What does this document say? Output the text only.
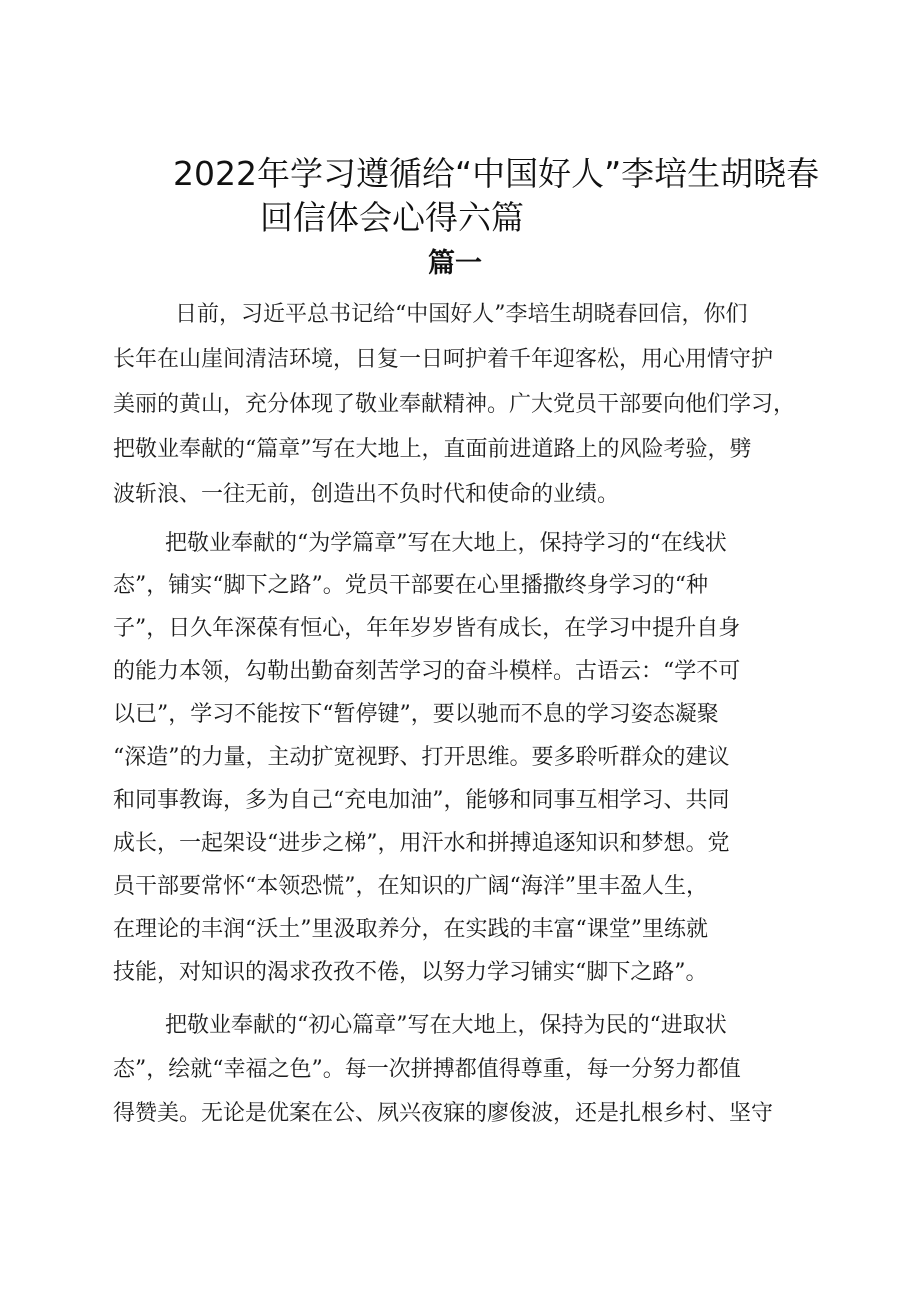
2022年学习遵循给“中国好人”李培生胡晓春
回信体会心得六篇
篇一
日前，习近平总书记给“中国好人”李培生胡晓春回信，你们
长年在山崖间清洁环境，日复一日呵护着千年迎客松，用心用情守护
美丽的黄山，充分体现了敬业奉献精神。广大党员干部要向他们学习，
把敬业奉献的“篇章”写在大地上，直面前进道路上的风险考验，劈
波斩浪、一往无前，创造出不负时代和使命的业绩。
把敬业奉献的“为学篇章”写在大地上，保持学习的“在线状
态”，铺实“脚下之路”。党员干部要在心里播撒终身学习的“种
子”，日久年深葆有恒心，年年岁岁皆有成长，在学习中提升自身
的能力本领，勾勒出勤奋刻苦学习的奋斗模样。古语云：“学不可
以已”，学习不能按下“暂停键”，要以驰而不息的学习姿态凝聚
“深造”的力量，主动扩宽视野、打开思维。要多聆听群众的建议
和同事教诲，多为自己“充电加油”，能够和同事互相学习、共同
成长，一起架设“进步之梯”，用汗水和拼搏追逐知识和梦想。党
员干部要常怀“本领恐慌”，在知识的广阔“海洋”里丰盈人生，
在理论的丰润“沃土”里汲取养分，在实践的丰富“课堂”里练就
技能，对知识的渴求孜孜不倦，以努力学习铺实“脚下之路”。
把敬业奉献的“初心篇章”写在大地上，保持为民的“进取状
态”，绘就“幸福之色”。每一次拼搏都值得尊重，每一分努力都值
得赞美。无论是优案在公、夙兴夜寐的廖俊波，还是扎根乡村、坚守
